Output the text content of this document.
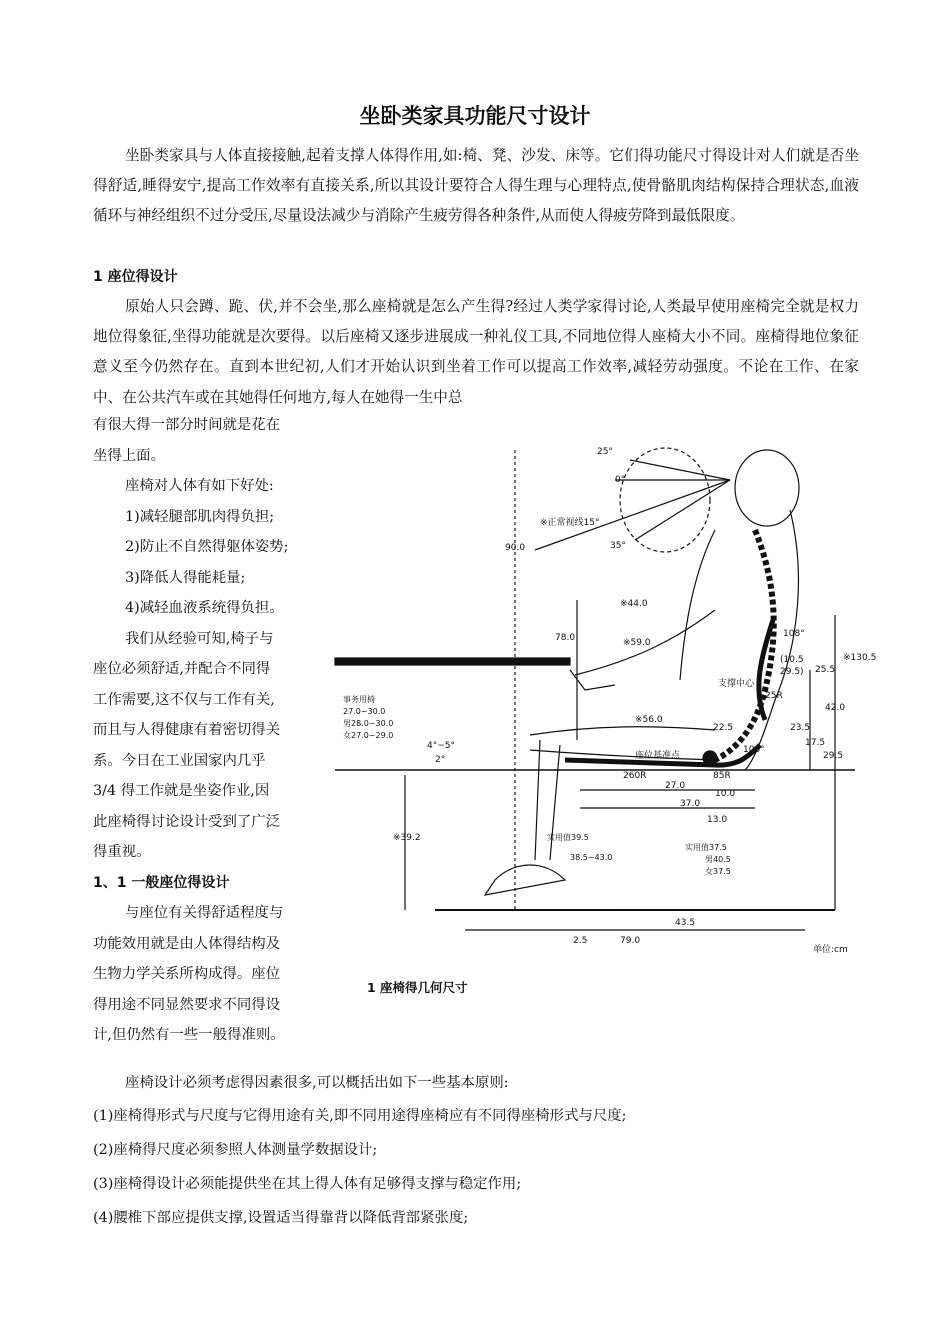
坐卧类家具功能尺寸设计

坐卧类家具与人体直接接触,起着支撑人体得作用,如:椅、凳、沙发、床等。它们得功能尺寸得设计对人们就是否坐得舒适,睡得安宁,提高工作效率有直接关系,所以其设计要符合人得生理与心理特点,使骨骼肌肉结构保持合理状态,血液循环与神经组织不过分受压,尽量设法减少与消除产生疲劳得各种条件,从而使人得疲劳降到最低限度。

1 座位得设计

原始人只会蹲、跪、伏,并不会坐,那么座椅就是怎么产生得?经过人类学家得讨论,人类最早使用座椅完全就是权力地位得象征,坐得功能就是次要得。以后座椅又逐步进展成一种礼仪工具,不同地位得人座椅大小不同。座椅得地位象征意义至今仍然存在。直到本世纪初,人们才开始认识到坐着工作可以提高工作效率,减轻劳动强度。不论在工作、在家中、在公共汽车或在其她得任何地方,每人在她得一生中总

有很大得一部分时间就是花在

坐得上面。

座椅对人体有如下好处:

1)减轻腿部肌肉得负担;

2)防止不自然得躯体姿势;

3)降低人得能耗量;

4)减轻血液系统得负担。

我们从经验可知,椅子与

座位必须舒适,并配合不同得

工作需要,这不仅与工作有关,

而且与人得健康有着密切得关

系。今日在工业国家内几乎

3/4 得工作就是坐姿作业,因

此座椅得讨论设计受到了广泛

得重视。

1、1 一般座位得设计

与座位有关得舒适程度与

功能效用就是由人体得结构及

生物力学关系所构成得。座位

得用途不同显然要求不同得设

计,但仍然有一些一般得准则。

25°
0°
※正常视线15°
35°
90.0
※44.0
78.0	※59.0
※56.0
108°
(10.5
29.5)
支撑中心
25R
25.5
42.0
※130.5
23.5
17.5
29.5
22.5
100°
座位基准点
260R	85R
27.0
10.0
37.0
13.0
4°~5°
2°
事务用椅
27.0~30.0
男28.0~30.0
女27.0~29.0
※39.2	实用值39.5
38.5~43.0
实用值37.5
男40.5
女37.5
2.5
43.5
79.0
单位:cm

1 座椅得几何尺寸

座椅设计必须考虑得因素很多,可以概括出如下一些基本原则:

(1)座椅得形式与尺度与它得用途有关,即不同用途得座椅应有不同得座椅形式与尺度;

(2)座椅得尺度必须参照人体测量学数据设计;

(3)座椅得设计必须能提供坐在其上得人体有足够得支撑与稳定作用;

(4)腰椎下部应提供支撑,设置适当得靠背以降低背部紧张度;
